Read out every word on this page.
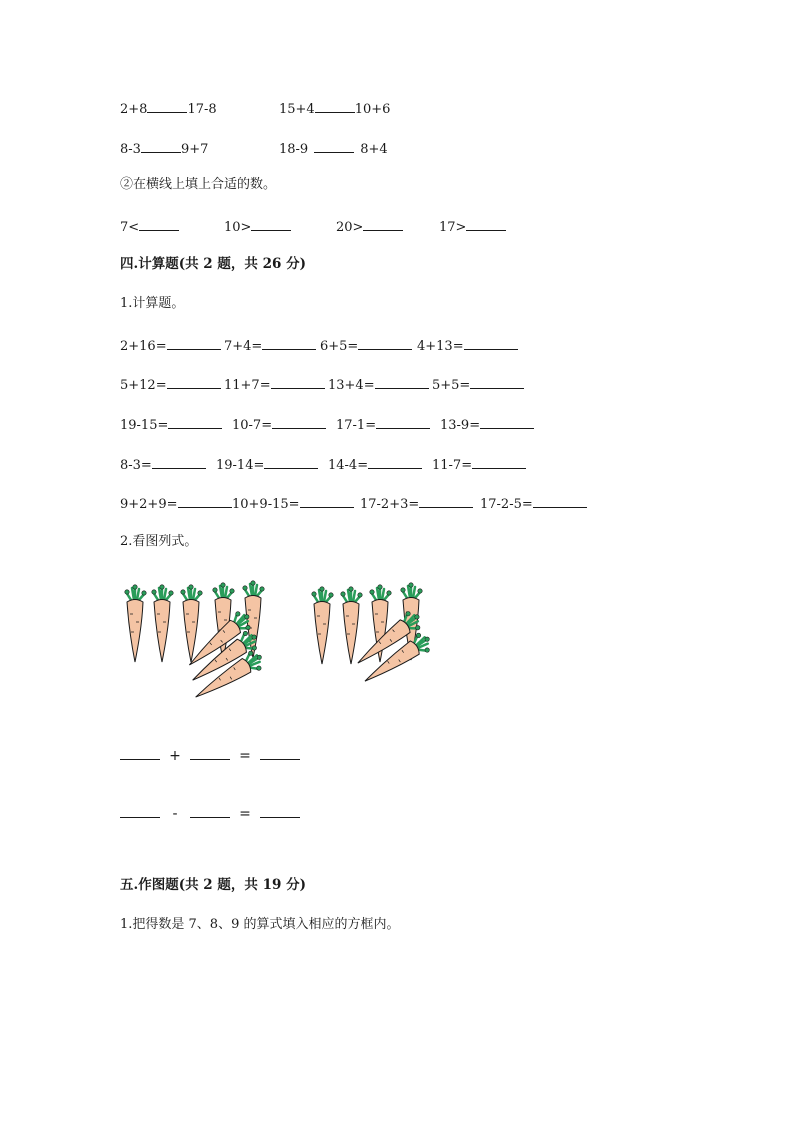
2+8	17-8	15+4	10+6
8-3	9+7	18-9	8+4
②在横线上填上合适的数。
7<	10>	20>	17>
四.计算题(共 2 题，共 26 分)
1.计算题。
2+16=	7+4=	6+5=	4+13=
5+12=	11+7=	13+4=	5+5=
19-15=	10-7=	17-1=	13-9=
8-3=	19-14=	14-4=	11-7=
9+2+9=	10+9-15=	17-2+3=	17-2-5=
2.看图列式。
+	=
-	=
五.作图题(共 2 题，共 19 分)
1.把得数是 7、8、9 的算式填入相应的方框内。
